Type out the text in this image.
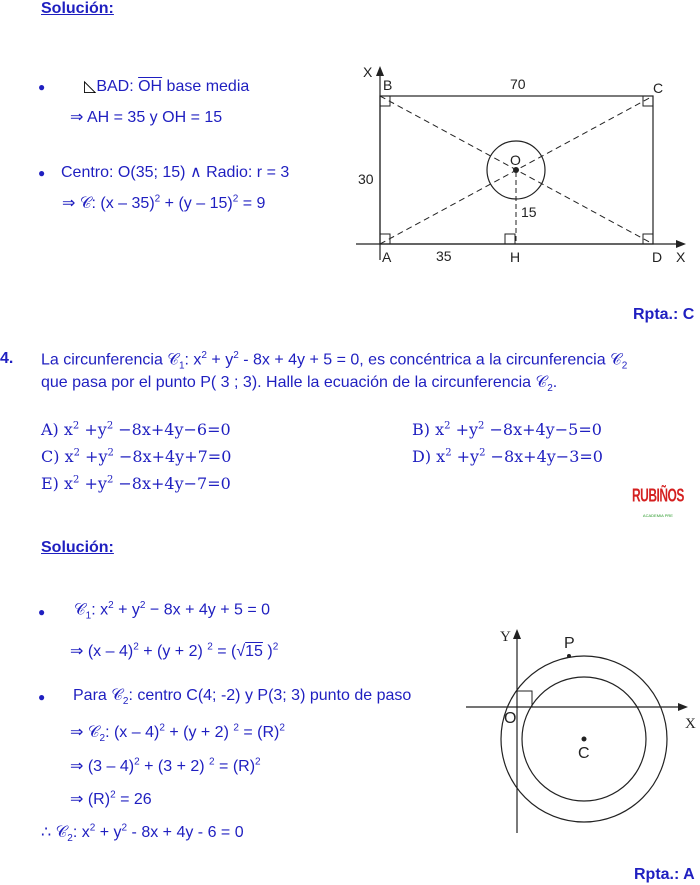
Solución:
● ◺BAD: $\overline{OH}$ base media
⇒ AH = 35 y OH = 15
● Centro: O(35; 15) ∧ Radio: r = 3
⇒ 𝒞: (x – 35)$^2$ + (y – 15)$^2$ = 9
X
B	70	C
O
30
15
A	35	H	D X
Rpta.: C
4. La circunferencia 𝒞$_1$: $x^2 + y^2 - 8x + 4y + 5 = 0$, es concéntrica a la circunferencia 𝒞$_2$
que pasa por el punto P( 3 ; 3). Halle la ecuación de la circunferencia 𝒞$_2$.
A) $x^2 +y^2 -8x+4y-6=0$	B) $x^2 +y^2 -8x+4y-5=0$
C) $x^2 +y^2 -8x+4y+7=0$	D) $x^2 +y^2 -8x+4y-3=0$
E) $x^2 +y^2 -8x+4y-7=0$
RUBIÑOS
ACADEMIA PRE
Solución:
● 𝒞$_1$: $x^2 + y^2 - 8x + 4y + 5 = 0$
⇒ (x – 4)$^2$ + (y + 2) $^2$ = (√15 )$^2$
● Para 𝒞$_2$: centro C(4; -2) y P(3; 3) punto de paso
⇒ 𝒞$_2$: (x – 4)$^2$ + (y + 2) $^2 = (R)^2$
⇒ (3 – 4)$^2$ + (3 + 2) $^2 = (R)^2$
⇒ $(R)^2 = 26$
∴ 𝒞$_2$: $x^2 + y^2 - 8x + 4y - 6 = 0$
Y	P
O	X
C
Rpta.: A
